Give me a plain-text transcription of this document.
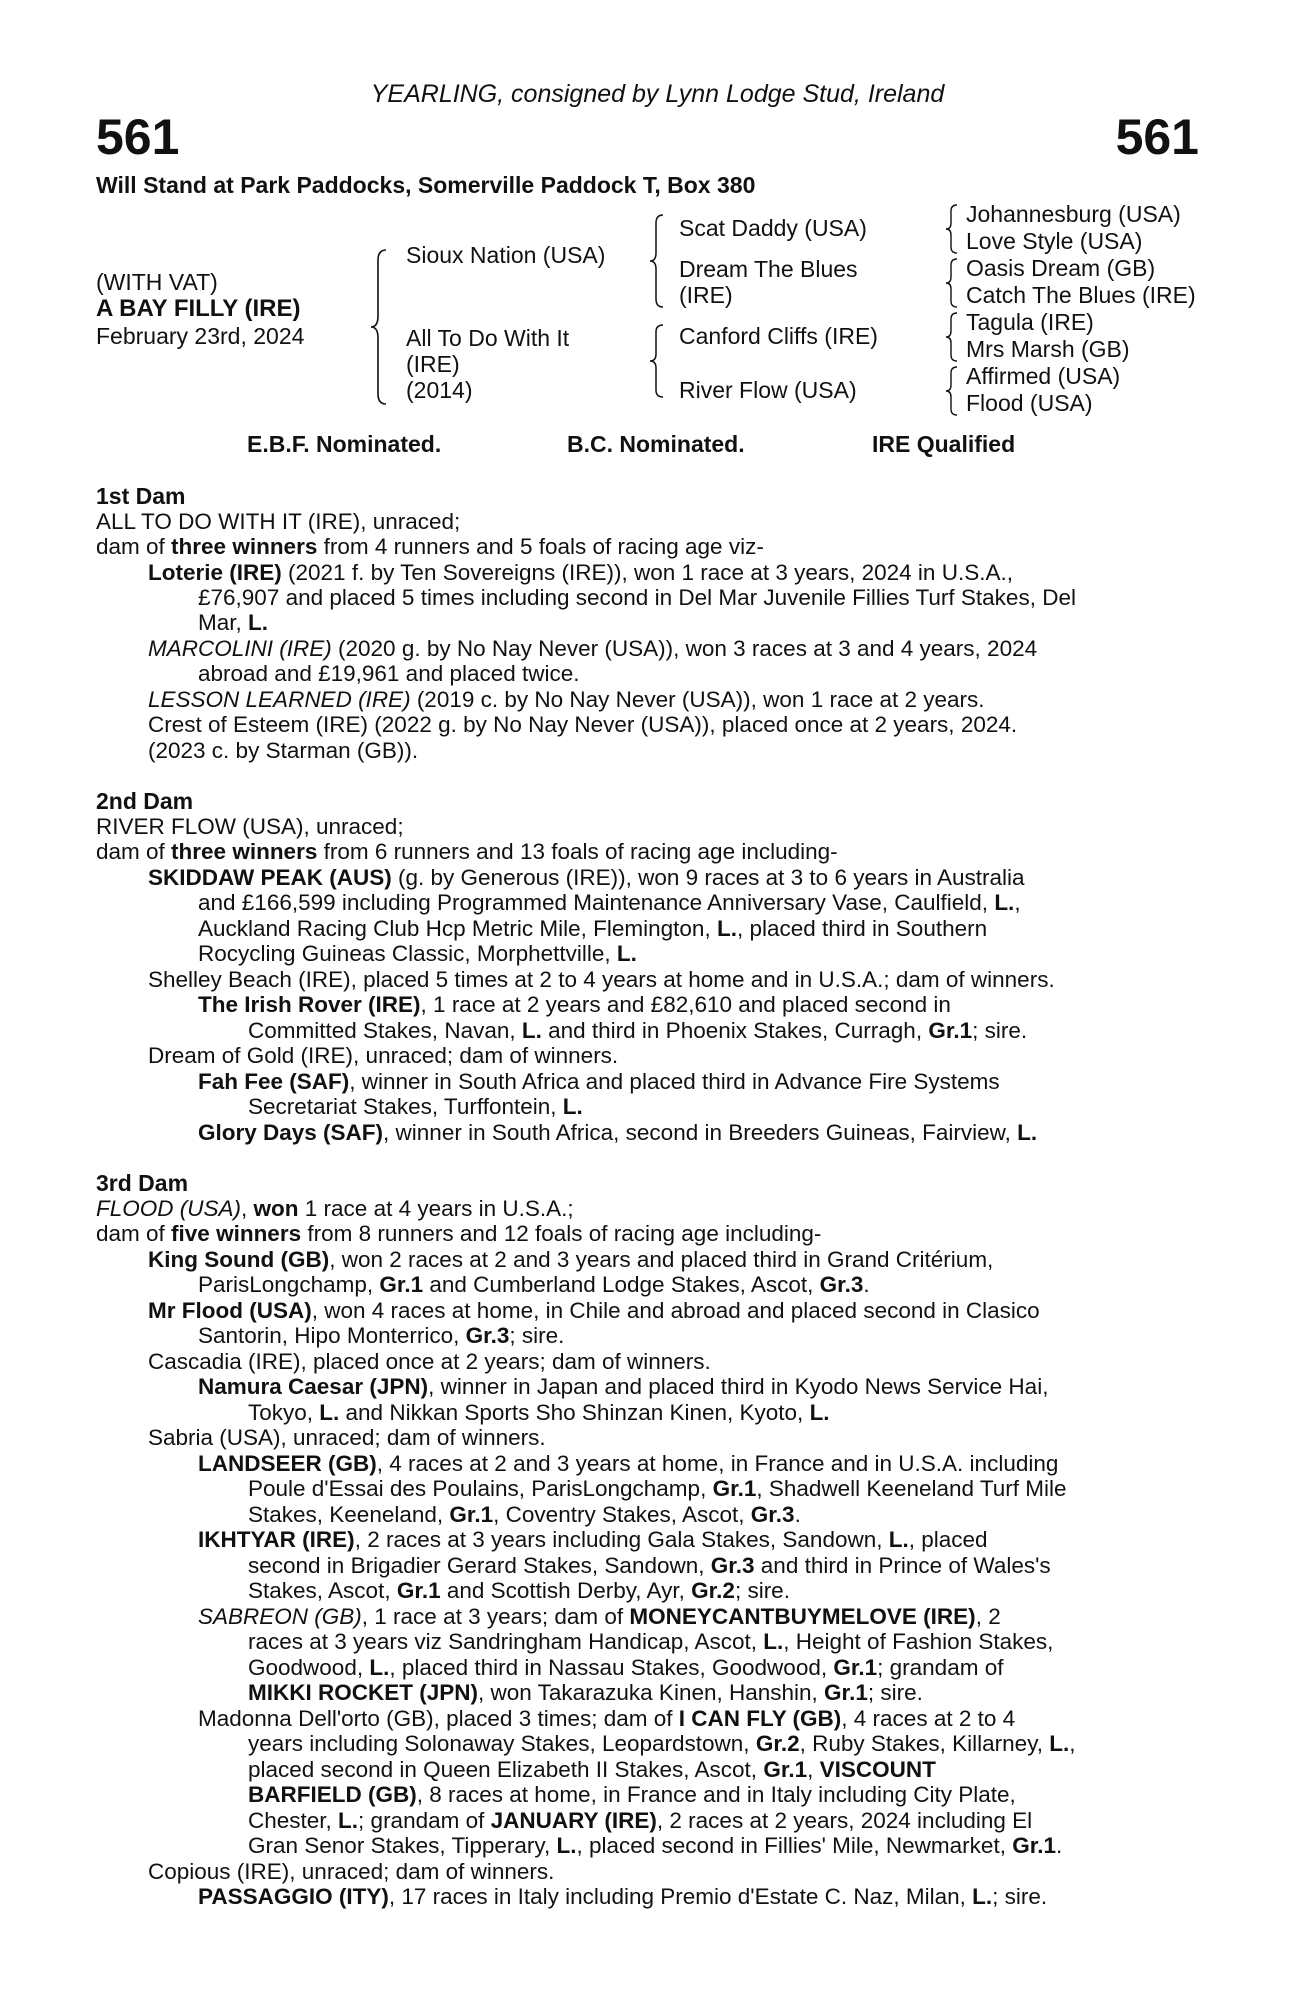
YEARLING, consigned by Lynn Lodge Stud, Ireland
561	561
Will Stand at Park Paddocks, Somerville Paddock T, Box 380
(WITH VAT)
A BAY FILLY (IRE)
February 23rd, 2024
Sioux Nation (USA)
All To Do With It
(IRE)
(2014)
Scat Daddy (USA)
Dream The Blues
(IRE)
Canford Cliffs (IRE)
River Flow (USA)
Johannesburg (USA)
Love Style (USA)
Oasis Dream (GB)
Catch The Blues (IRE)
Tagula (IRE)
Mrs Marsh (GB)
Affirmed (USA)
Flood (USA)
E.B.F. Nominated.	B.C. Nominated.	IRE Qualified
1st Dam
ALL TO DO WITH IT (IRE), unraced;
dam of three winners from 4 runners and 5 foals of racing age viz-
Loterie (IRE) (2021 f. by Ten Sovereigns (IRE)), won 1 race at 3 years, 2024 in U.S.A.,
£76,907 and placed 5 times including second in Del Mar Juvenile Fillies Turf Stakes, Del
Mar, L.
MARCOLINI (IRE) (2020 g. by No Nay Never (USA)), won 3 races at 3 and 4 years, 2024
abroad and £19,961 and placed twice.
LESSON LEARNED (IRE) (2019 c. by No Nay Never (USA)), won 1 race at 2 years.
Crest of Esteem (IRE) (2022 g. by No Nay Never (USA)), placed once at 2 years, 2024.
(2023 c. by Starman (GB)).
2nd Dam
RIVER FLOW (USA), unraced;
dam of three winners from 6 runners and 13 foals of racing age including-
SKIDDAW PEAK (AUS) (g. by Generous (IRE)), won 9 races at 3 to 6 years in Australia
and £166,599 including Programmed Maintenance Anniversary Vase, Caulfield, L.,
Auckland Racing Club Hcp Metric Mile, Flemington, L., placed third in Southern
Rocycling Guineas Classic, Morphettville, L.
Shelley Beach (IRE), placed 5 times at 2 to 4 years at home and in U.S.A.; dam of winners.
The Irish Rover (IRE), 1 race at 2 years and £82,610 and placed second in
Committed Stakes, Navan, L. and third in Phoenix Stakes, Curragh, Gr.1; sire.
Dream of Gold (IRE), unraced; dam of winners.
Fah Fee (SAF), winner in South Africa and placed third in Advance Fire Systems
Secretariat Stakes, Turffontein, L.
Glory Days (SAF), winner in South Africa, second in Breeders Guineas, Fairview, L.
3rd Dam
FLOOD (USA), won 1 race at 4 years in U.S.A.;
dam of five winners from 8 runners and 12 foals of racing age including-
King Sound (GB), won 2 races at 2 and 3 years and placed third in Grand Critérium,
ParisLongchamp, Gr.1 and Cumberland Lodge Stakes, Ascot, Gr.3.
Mr Flood (USA), won 4 races at home, in Chile and abroad and placed second in Clasico
Santorin, Hipo Monterrico, Gr.3; sire.
Cascadia (IRE), placed once at 2 years; dam of winners.
Namura Caesar (JPN), winner in Japan and placed third in Kyodo News Service Hai,
Tokyo, L. and Nikkan Sports Sho Shinzan Kinen, Kyoto, L.
Sabria (USA), unraced; dam of winners.
LANDSEER (GB), 4 races at 2 and 3 years at home, in France and in U.S.A. including
Poule d'Essai des Poulains, ParisLongchamp, Gr.1, Shadwell Keeneland Turf Mile
Stakes, Keeneland, Gr.1, Coventry Stakes, Ascot, Gr.3.
IKHTYAR (IRE), 2 races at 3 years including Gala Stakes, Sandown, L., placed
second in Brigadier Gerard Stakes, Sandown, Gr.3 and third in Prince of Wales's
Stakes, Ascot, Gr.1 and Scottish Derby, Ayr, Gr.2; sire.
SABREON (GB), 1 race at 3 years; dam of MONEYCANTBUYMELOVE (IRE), 2
races at 3 years viz Sandringham Handicap, Ascot, L., Height of Fashion Stakes,
Goodwood, L., placed third in Nassau Stakes, Goodwood, Gr.1; grandam of
MIKKI ROCKET (JPN), won Takarazuka Kinen, Hanshin, Gr.1; sire.
Madonna Dell'orto (GB), placed 3 times; dam of I CAN FLY (GB), 4 races at 2 to 4
years including Solonaway Stakes, Leopardstown, Gr.2, Ruby Stakes, Killarney, L.,
placed second in Queen Elizabeth II Stakes, Ascot, Gr.1, VISCOUNT
BARFIELD (GB), 8 races at home, in France and in Italy including City Plate,
Chester, L.; grandam of JANUARY (IRE), 2 races at 2 years, 2024 including El
Gran Senor Stakes, Tipperary, L., placed second in Fillies' Mile, Newmarket, Gr.1.
Copious (IRE), unraced; dam of winners.
PASSAGGIO (ITY), 17 races in Italy including Premio d'Estate C. Naz, Milan, L.; sire.
